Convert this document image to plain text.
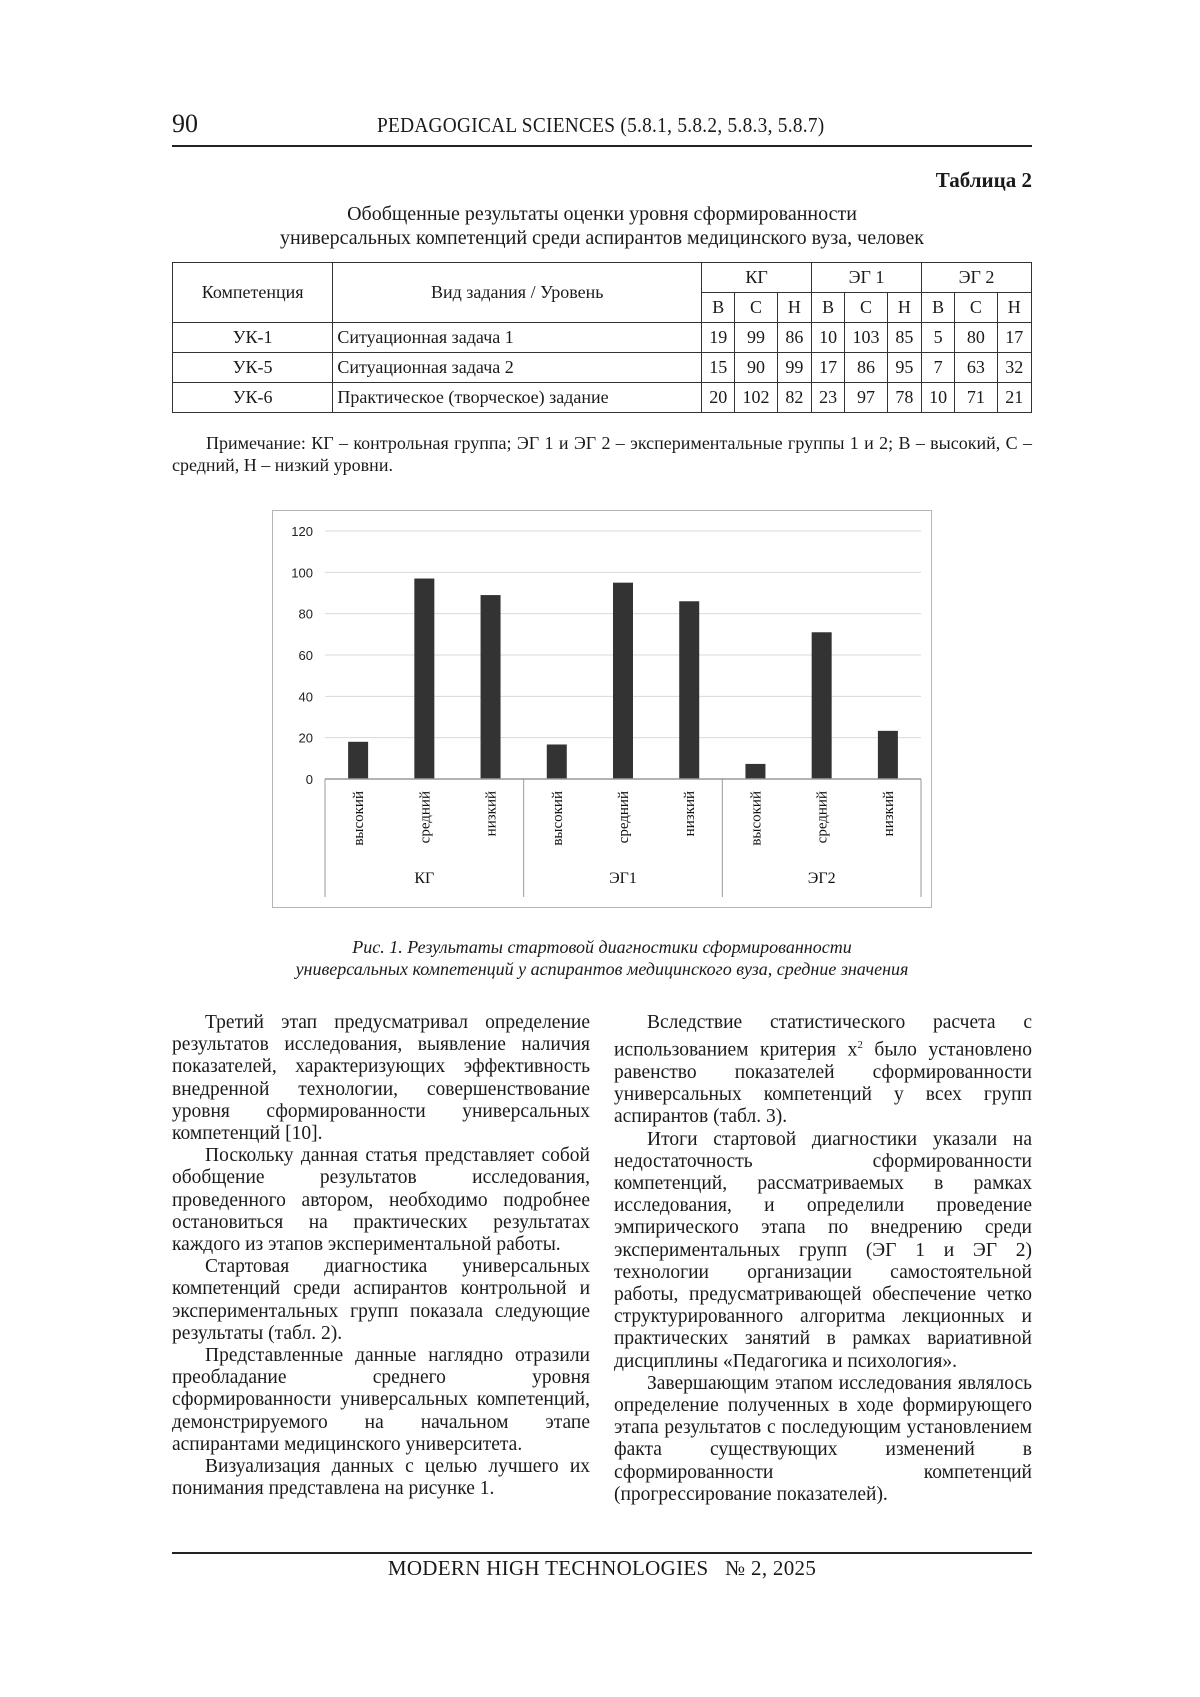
90	PEDAGOGICAL SCIENCES (5.8.1, 5.8.2, 5.8.3, 5.8.7)
Таблица 2
Обобщенные результаты оценки уровня сформированности
универсальных компетенций среди аспирантов медицинского вуза, человек
Компетенция	Вид задания / Уровень	КГ			ЭГ 1			ЭГ 2		
		В	С	Н	В	С	Н	В	С	Н
УК-1	Ситуационная задача 1	19	99	86	10	103	85	5	80	17
УК-5	Ситуационная задача 2	15	90	99	17	86	95	7	63	32
УК-6	Практическое (творческое) задание	20	102	82	23	97	78	10	71	21
Примечание: КГ – контрольная группа; ЭГ 1 и ЭГ 2 – экспериментальные группы 1 и 2; В – высокий, С – средний, Н – низкий уровни.
0
20
40
60
80
100
120
высокий	средний	низкий	высокий	средний	низкий	высокий	средний	низкий
КГ	ЭГ1	ЭГ2
Рис. 1. Результаты стартовой диагностики сформированности
универсальных компетенций у аспирантов медицинского вуза, средние значения

Третий этап предусматривал определение результатов исследования, выявление наличия показателей, характеризующих эффективность внедренной технологии, совершенствование уровня сформированности универсальных компетенций [10].

Поскольку данная статья представляет собой обобщение результатов исследования, проведенного автором, необходимо подробнее остановиться на практических результатах каждого из этапов экспериментальной работы.

Стартовая диагностика универсальных компетенций среди аспирантов контрольной и экспериментальных групп показала следующие результаты (табл. 2).

Представленные данные наглядно отразили преобладание среднего уровня сформированности универсальных компетенций, демонстрируемого на начальном этапе аспирантами медицинского университета.

Визуализация данных с целью лучшего их понимания представлена на рисунке 1.

Вследствие статистического расчета с использованием критерия $х^2$ было установлено равенство показателей сформированности универсальных компетенций у всех групп аспирантов (табл. 3).

Итоги стартовой диагностики указали на недостаточность сформированности компетенций, рассматриваемых в рамках исследования, и определили проведение эмпирического этапа по внедрению среди экспериментальных групп (ЭГ 1 и ЭГ 2) технологии организации самостоятельной работы, предусматривающей обеспечение четко структурированного алгоритма лекционных и практических занятий в рамках вариативной дисциплины «Педагогика и психология».

Завершающим этапом исследования являлось определение полученных в ходе формирующего этапа результатов с последующим установлением факта существующих изменений в сформированности компетенций (прогрессирование показателей).

MODERN HIGH TECHNOLOGIES   № 2, 2025
